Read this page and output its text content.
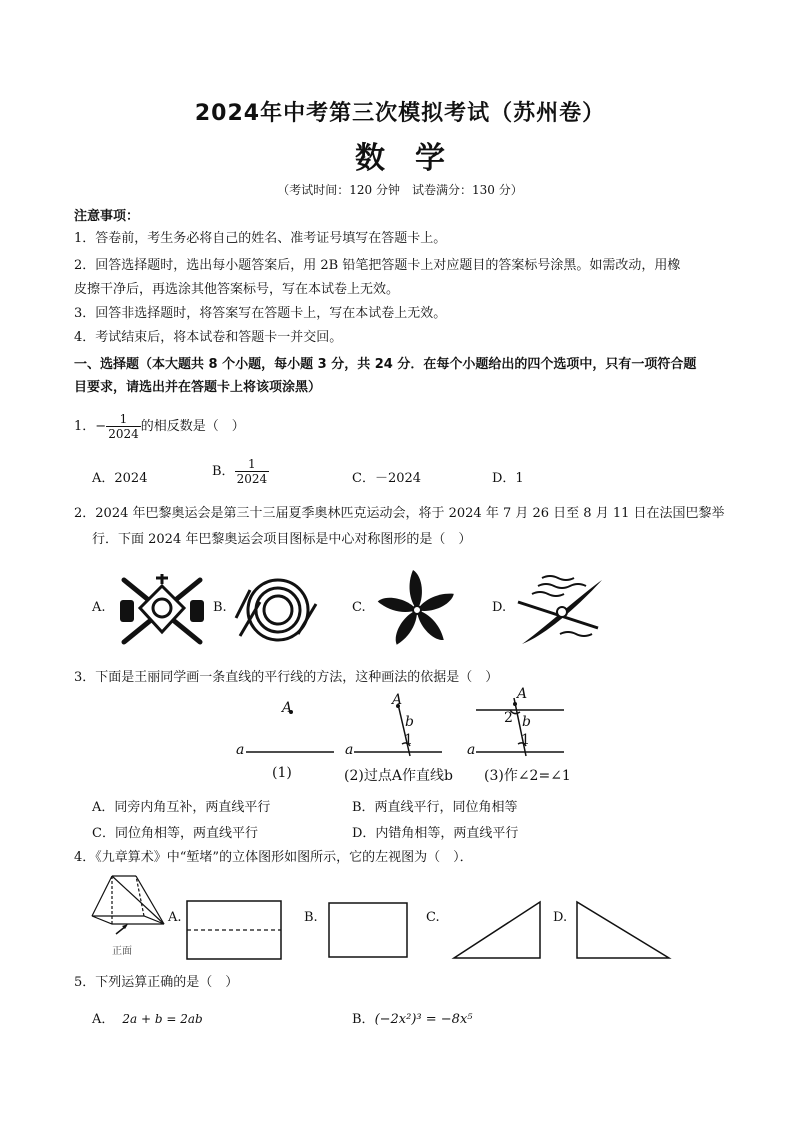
2024年中考第三次模拟考试（苏州卷）
数学
（考试时间：120 分钟　试卷满分：130 分）
注意事项：
1．答卷前，考生务必将自己的姓名、准考证号填写在答题卡上。
2．回答选择题时，选出每小题答案后，用 2B 铅笔把答题卡上对应题目的答案标号涂黑。如需改动，用橡
皮擦干净后，再选涂其他答案标号，写在本试卷上无效。
3．回答非选择题时，将答案写在答题卡上，写在本试卷上无效。
4．考试结束后，将本试卷和答题卡一并交回。
一、选择题（本大题共 8 个小题，每小题 3 分，共 24 分．在每个小题给出的四个选项中，只有一项符合题
目要求，请选出并在答题卡上将该项涂黑）
1．− $\frac{1}{2024}$ 的相反数是（　）
A．2024	B． $\frac{1}{2024}$	C．－2024	D．1
2．2024 年巴黎奥运会是第三十三届夏季奥林匹克运动会，将于 2024 年 7 月 26 日至 8 月 11 日在法国巴黎举
行．下面 2024 年巴黎奥运会项目图标是中心对称图形的是（　）
A.	B.	C.	D.
3．下面是王丽同学画一条直线的平行线的方法，这种画法的依据是（　）
A	A	A
a	a	a
b	b
1	1
2
(1)	(2)过点A作直线b (3)作∠2=∠1
A．同旁内角互补，两直线平行	B．两直线平行，同位角相等
C．同位角相等，两直线平行	D．内错角相等，两直线平行
4．《九章算术》中“堑堵”的立体图形如图所示，它的左视图为（　）．
正面
A.	B.	C.	D.
5．下列运算正确的是（　）
A． 2a + b = 2ab	B．(−2x²)³ = −8x⁵
